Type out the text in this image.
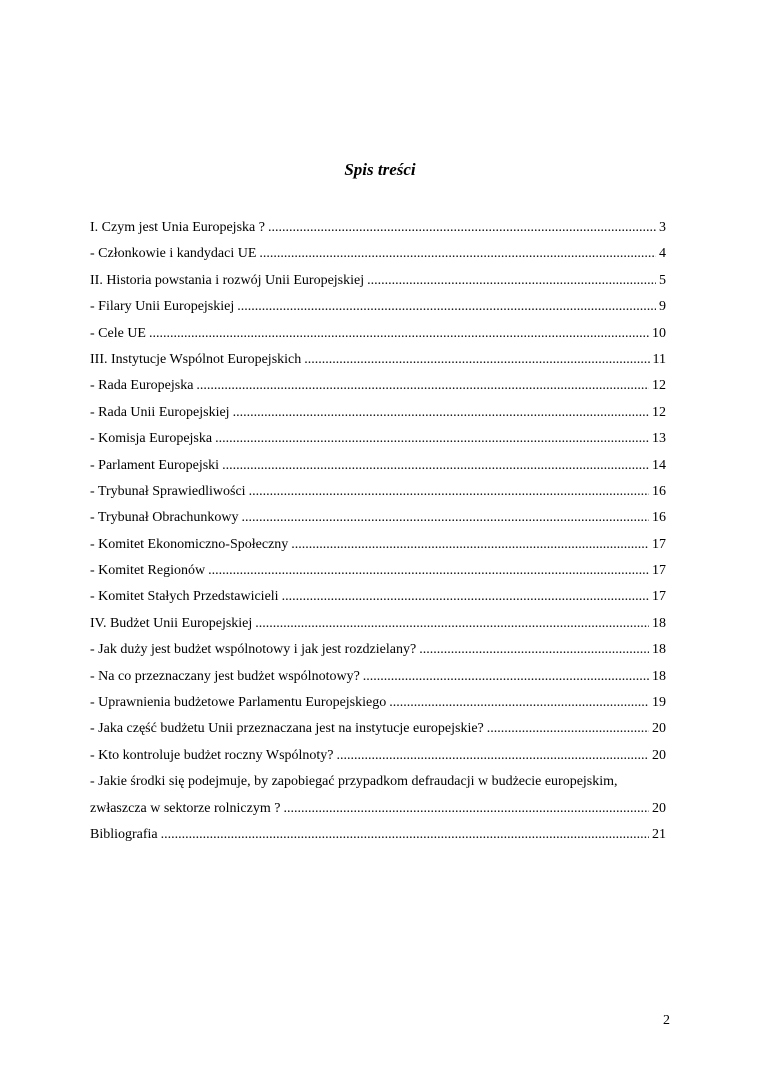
Spis treści
I. Czym jest Unia Europejska ? .....	3
- Członkowie i kandydaci UE .....	4
II. Historia powstania i rozwój Unii Europejskiej .....	5
- Filary Unii Europejskiej .....	9
- Cele UE .....	10
III. Instytucje Wspólnot Europejskich .....	11
- Rada Europejska .....	12
- Rada Unii Europejskiej .....	12
- Komisja Europejska .....	13
- Parlament Europejski .....	14
- Trybunał Sprawiedliwości .....	16
- Trybunał Obrachunkowy .....	16
- Komitet Ekonomiczno-Społeczny .....	17
- Komitet Regionów .....	17
- Komitet Stałych Przedstawicieli .....	17
IV. Budżet Unii Europejskiej .....	18
- Jak duży jest budżet wspólnotowy i jak jest rozdzielany? .....	18
- Na co przeznaczany jest budżet wspólnotowy? .....	18
- Uprawnienia budżetowe Parlamentu Europejskiego .....	19
- Jaka część budżetu Unii przeznaczana jest na instytucje europejskie? .....	20
- Kto kontroluje budżet roczny Wspólnoty? .....	20
- Jakie środki się podejmuje, by zapobiegać przypadkom defraudacji w budżecie europejskim,
zwłaszcza w sektorze rolniczym ? .....	20
Bibliografia .....	21
2
